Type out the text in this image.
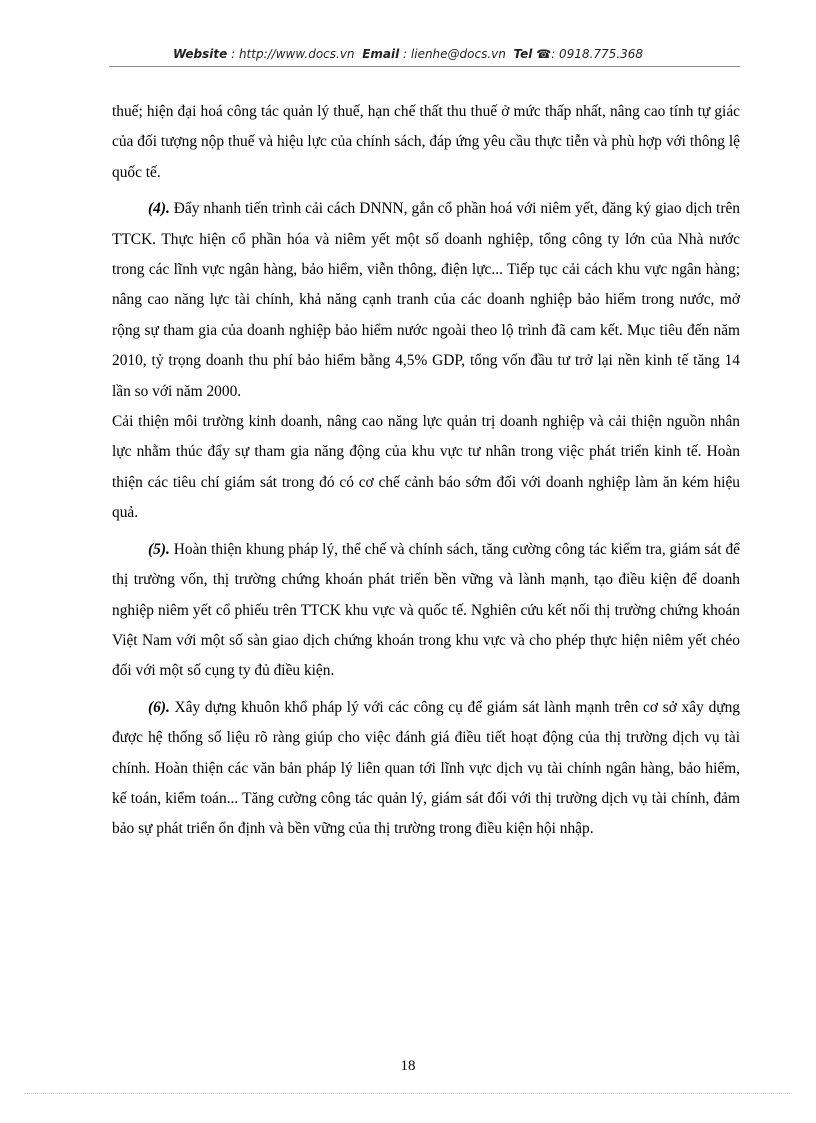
Website : http://www.docs.vn Email : lienhe@docs.vn Tel ☎: 0918.775.368

thuế; hiện đại hoá công tác quản lý thuế, hạn chế thất thu thuế ở mức thấp nhất, nâng cao tính tự giác của đối tượng nộp thuế và hiệu lực của chính sách, đáp ứng yêu cầu thực tiễn và phù hợp với thông lệ quốc tế.

(4). Đẩy nhanh tiến trình cải cách DNNN, gắn cổ phần hoá với niêm yết, đăng ký giao dịch trên TTCK. Thực hiện cổ phần hóa và niêm yết một số doanh nghiệp, tổng công ty lớn của Nhà nước trong các lĩnh vực ngân hàng, bảo hiểm, viễn thông, điện lực... Tiếp tục cải cách khu vực ngân hàng; nâng cao năng lực tài chính, khả năng cạnh tranh của các doanh nghiệp bảo hiểm trong nước, mở rộng sự tham gia của doanh nghiệp bảo hiểm nước ngoài theo lộ trình đã cam kết. Mục tiêu đến năm 2010, tỷ trọng doanh thu phí bảo hiểm bằng 4,5% GDP, tổng vốn đầu tư trở lại nền kinh tế tăng 14 lần so với năm 2000.

Cải thiện môi trường kinh doanh, nâng cao năng lực quản trị doanh nghiệp và cải thiện nguồn nhân lực nhằm thúc đẩy sự tham gia năng động của khu vực tư nhân trong việc phát triển kinh tế. Hoàn thiện các tiêu chí giám sát trong đó có cơ chế cảnh báo sớm đối với doanh nghiệp làm ăn kém hiệu quả.

(5). Hoàn thiện khung pháp lý, thể chế và chính sách, tăng cường công tác kiểm tra, giám sát để thị trường vốn, thị trường chứng khoán phát triển bền vững và lành mạnh, tạo điều kiện để doanh nghiệp niêm yết cổ phiếu trên TTCK khu vực và quốc tế. Nghiên cứu kết nối thị trường chứng khoán Việt Nam với một số sàn giao dịch chứng khoán trong khu vực và cho phép thực hiện niêm yết chéo đối với một số cụng ty đủ điều kiện.

(6). Xây dựng khuôn khổ pháp lý với các công cụ để giám sát lành mạnh trên cơ sở xây dựng được hệ thống số liệu rõ ràng giúp cho việc đánh giá điều tiết hoạt động của thị trường dịch vụ tài chính. Hoàn thiện các văn bản pháp lý liên quan tới lĩnh vực dịch vụ tài chính ngân hàng, bảo hiểm, kế toán, kiểm toán... Tăng cường công tác quản lý, giám sát đối với thị trường dịch vụ tài chính, đảm bảo sự phát triển ổn định và bền vững của thị trường trong điều kiện hội nhập.

18
